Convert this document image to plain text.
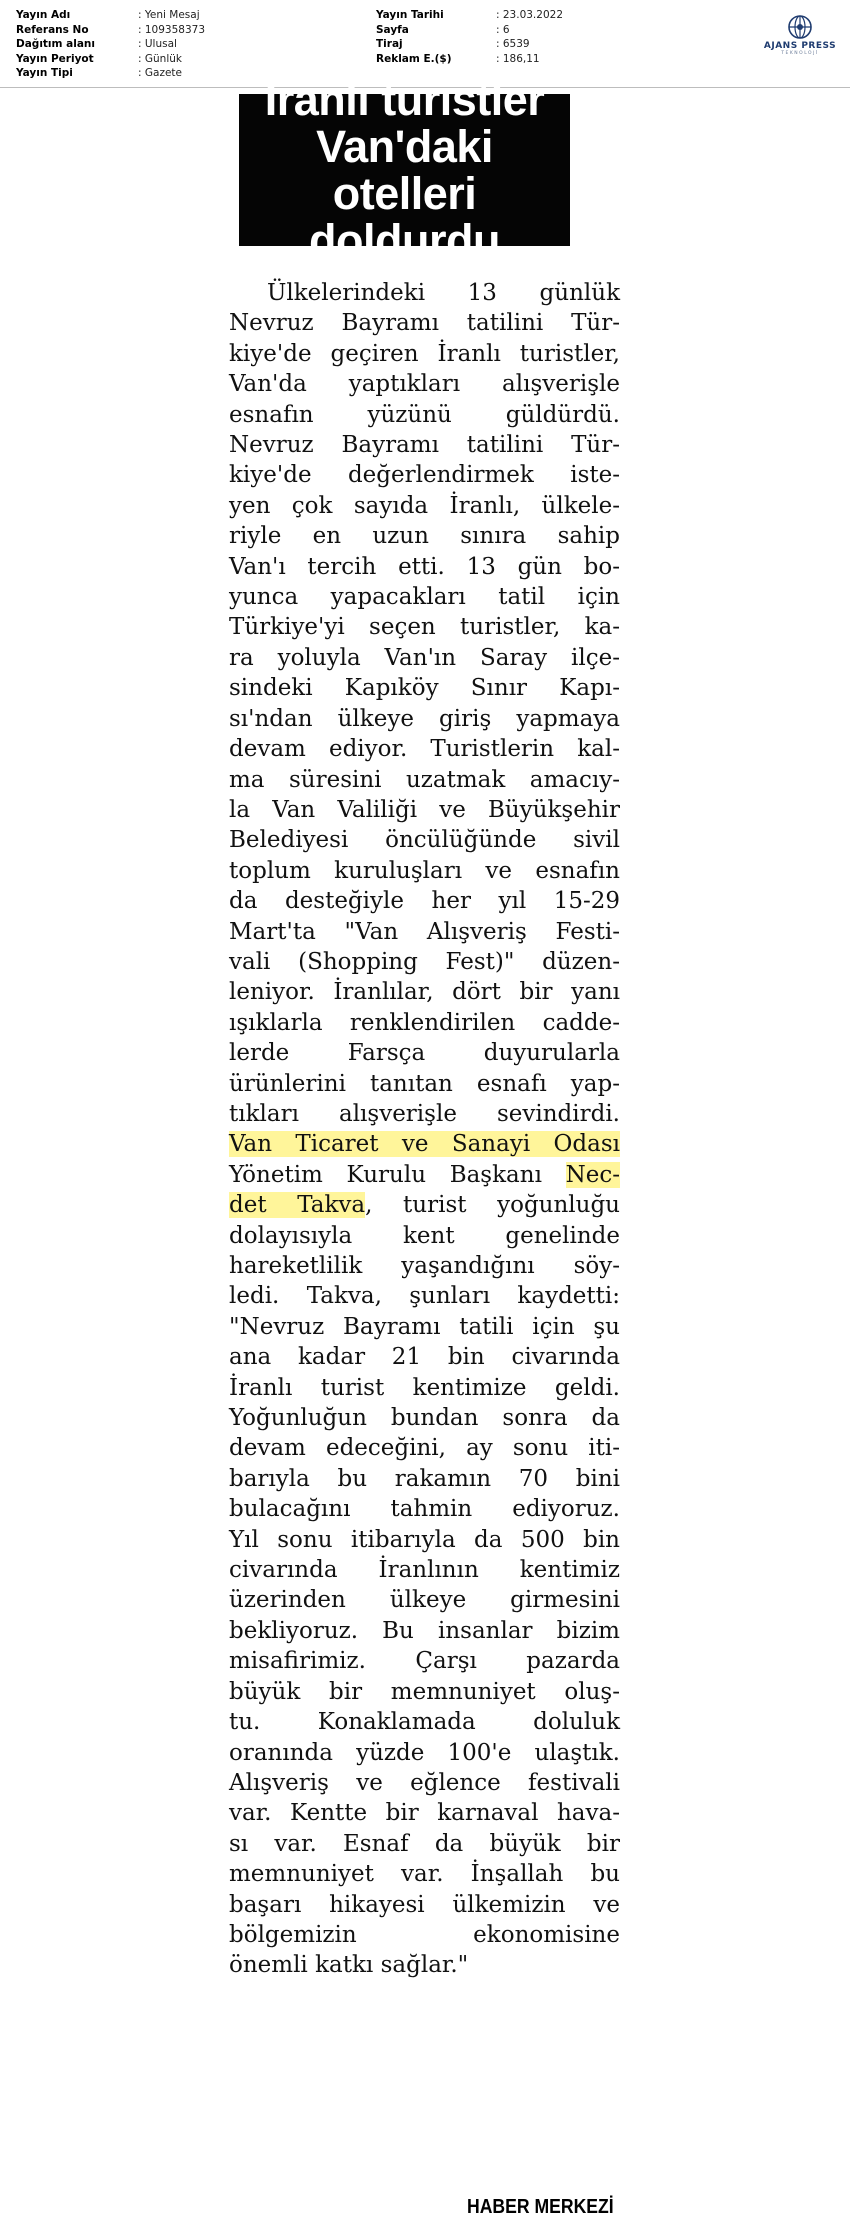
Yayın Adı	: Yeni Mesaj
Referans No	: 109358373
Dağıtım alanı	: Ulusal
Yayın Periyot	: Günlük
Yayın Tipi	: Gazete
Yayın Tarihi	: 23.03.2022
Sayfa	: 6
Tiraj	: 6539
Reklam E.($)	: 186,11
AJANS PRESS
TEKNOLOJİ
İranlı turistler
Van'daki otelleri
doldurdu
Ülkelerindeki 13 günlük
Nevruz Bayramı tatilini Tür-
kiye'de geçiren İranlı turistler,
Van'da yaptıkları alışverişle
esnafın yüzünü güldürdü.
Nevruz Bayramı tatilini Tür-
kiye'de değerlendirmek iste-
yen çok sayıda İranlı, ülkele-
riyle en uzun sınıra sahip
Van'ı tercih etti. 13 gün bo-
yunca yapacakları tatil için
Türkiye'yi seçen turistler, ka-
ra yoluyla Van'ın Saray ilçe-
sindeki Kapıköy Sınır Kapı-
sı'ndan ülkeye giriş yapmaya
devam ediyor. Turistlerin kal-
ma süresini uzatmak amacıy-
la Van Valiliği ve Büyükşehir
Belediyesi öncülüğünde sivil
toplum kuruluşları ve esnafın
da desteğiyle her yıl 15-29
Mart'ta "Van Alışveriş Festi-
vali (Shopping Fest)" düzen-
leniyor. İranlılar, dört bir yanı
ışıklarla renklendirilen cadde-
lerde Farsça duyurularla
ürünlerini tanıtan esnafı yap-
tıkları alışverişle sevindirdi.
Van Ticaret ve Sanayi Odası
Yönetim Kurulu Başkanı Nec-
det Takva, turist yoğunluğu
dolayısıyla kent genelinde
hareketlilik yaşandığını söy-
ledi. Takva, şunları kaydetti:
"Nevruz Bayramı tatili için şu
ana kadar 21 bin civarında
İranlı turist kentimize geldi.
Yoğunluğun bundan sonra da
devam edeceğini, ay sonu iti-
barıyla bu rakamın 70 bini
bulacağını tahmin ediyoruz.
Yıl sonu itibarıyla da 500 bin
civarında İranlının kentimiz
üzerinden ülkeye girmesini
bekliyoruz. Bu insanlar bizim
misafirimiz. Çarşı pazarda
büyük bir memnuniyet oluş-
tu. Konaklamada doluluk
oranında yüzde 100'e ulaştık.
Alışveriş ve eğlence festivali
var. Kentte bir karnaval hava-
sı var. Esnaf da büyük bir
memnuniyet var. İnşallah bu
başarı hikayesi ülkemizin ve
bölgemizin ekonomisine
önemli katkı sağlar."
HABER MERKEZİ
